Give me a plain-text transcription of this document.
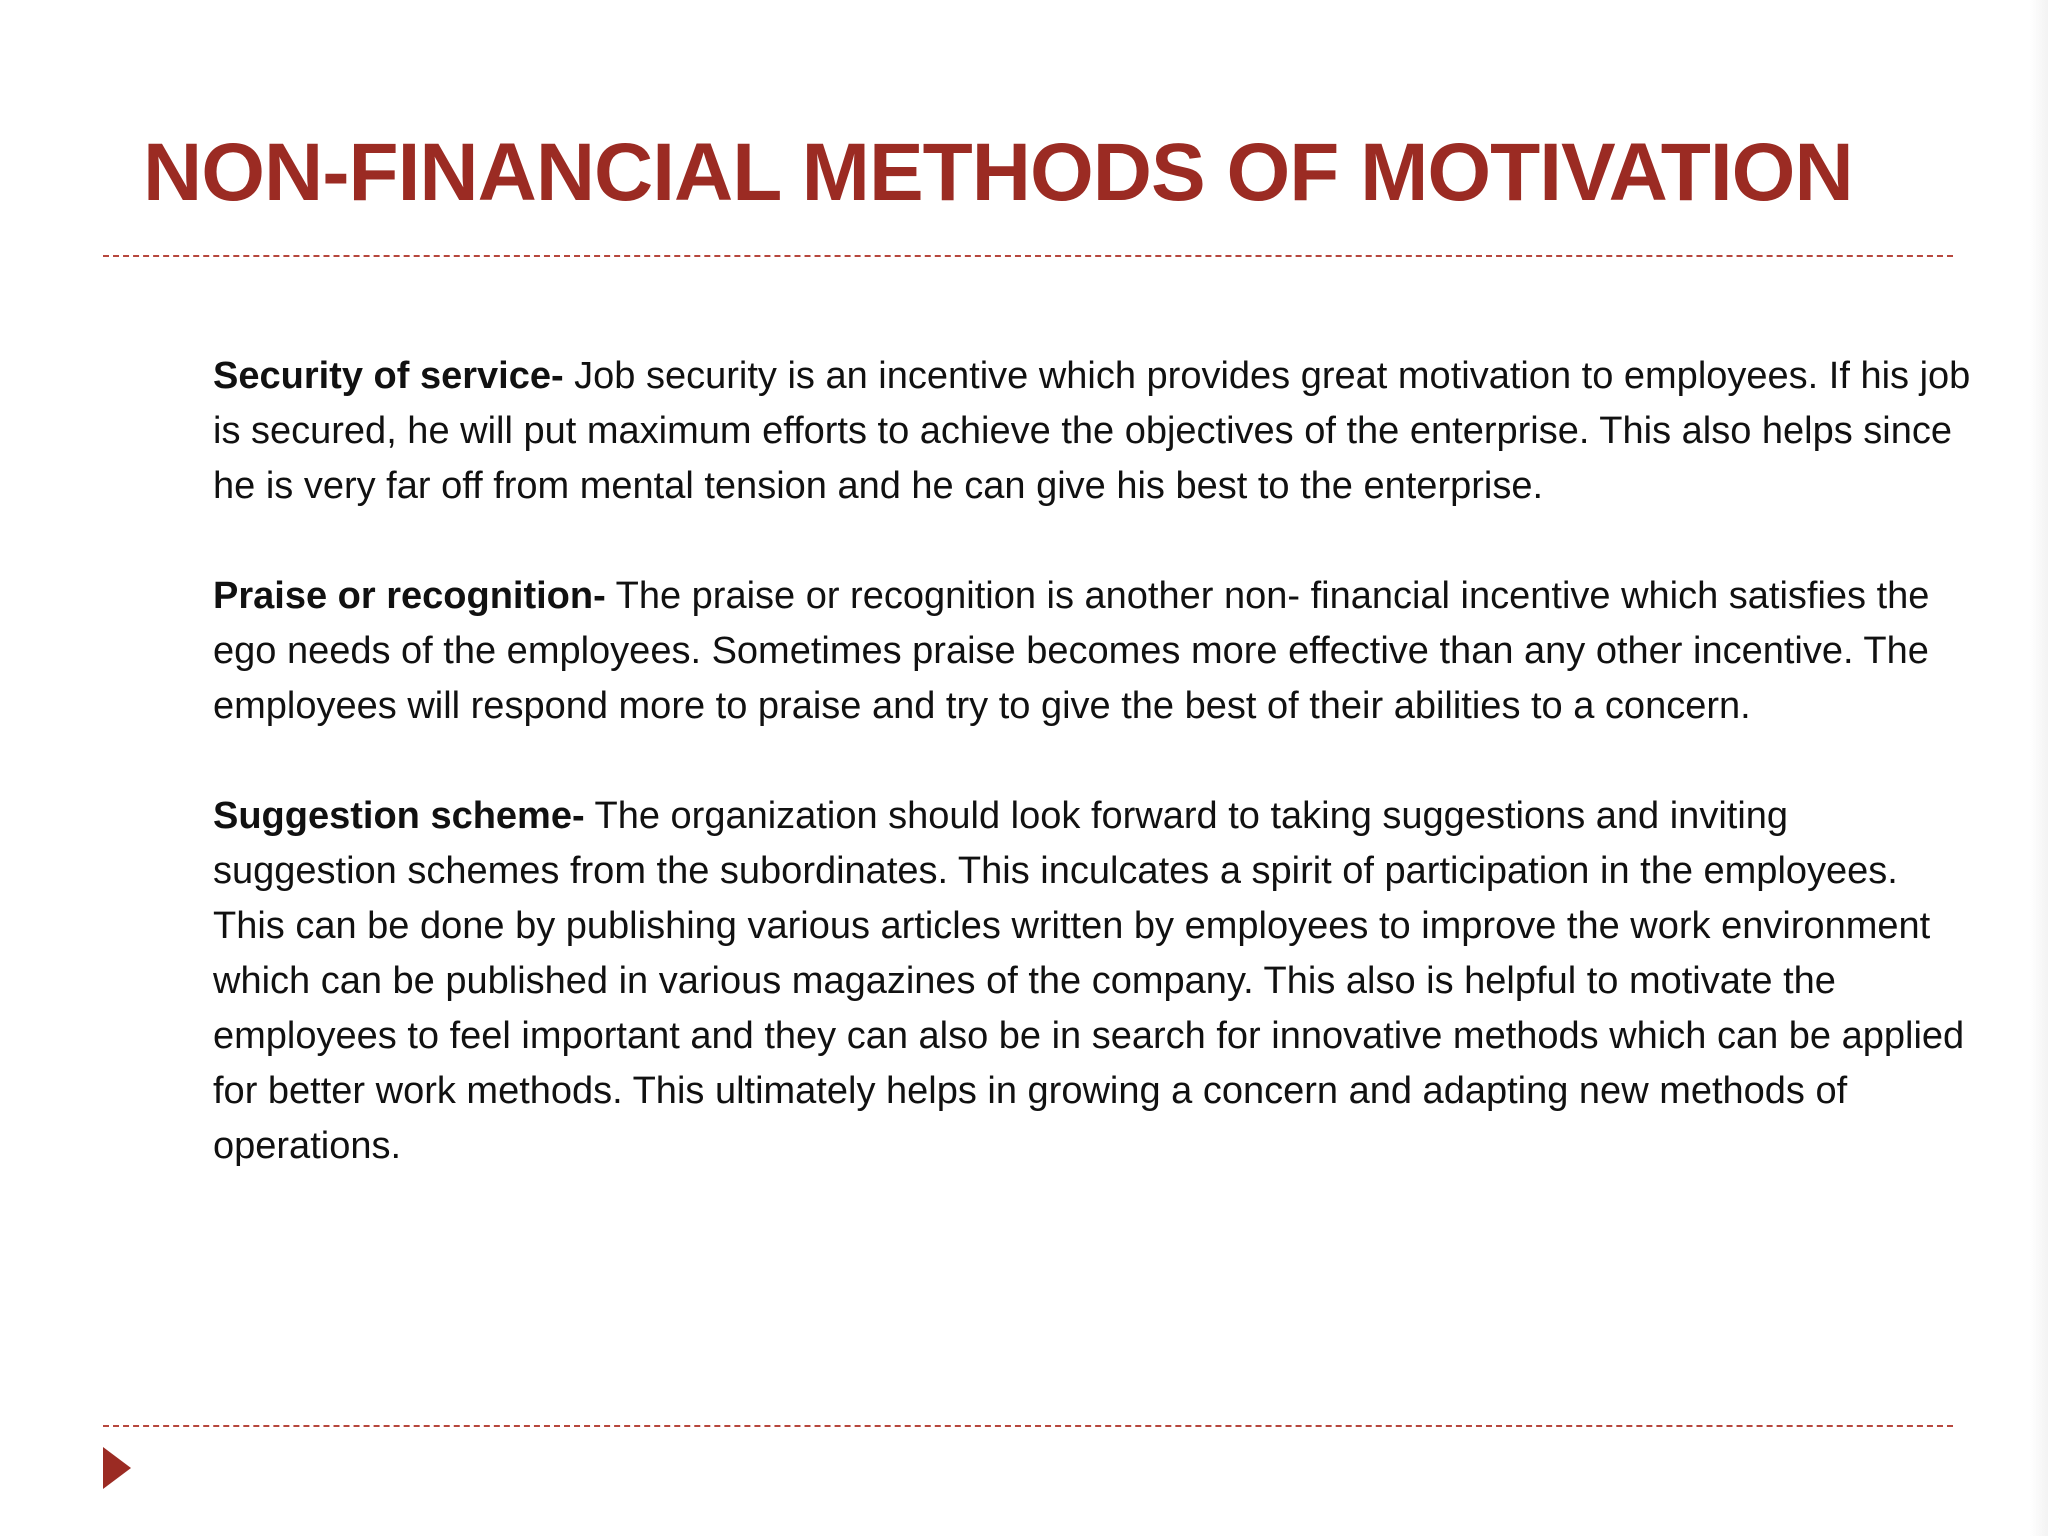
NON-FINANCIAL METHODS OF MOTIVATION

Security of service- Job security is an incentive which provides great motivation to employees. If his job is secured, he will put maximum efforts to achieve the objectives of the enterprise. This also helps since he is very far off from mental tension and he can give his best to the enterprise.

Praise or recognition- The praise or recognition is another non- financial incentive which satisfies the ego needs of the employees. Sometimes praise becomes more effective than any other incentive. The employees will respond more to praise and try to give the best of their abilities to a concern.

Suggestion scheme- The organization should look forward to taking suggestions and inviting suggestion schemes from the subordinates. This inculcates a spirit of participation in the employees. This can be done by publishing various articles written by employees to improve the work environment which can be published in various magazines of the company. This also is helpful to motivate the employees to feel important and they can also be in search for innovative methods which can be applied for better work methods. This ultimately helps in growing a concern and adapting new methods of operations.
